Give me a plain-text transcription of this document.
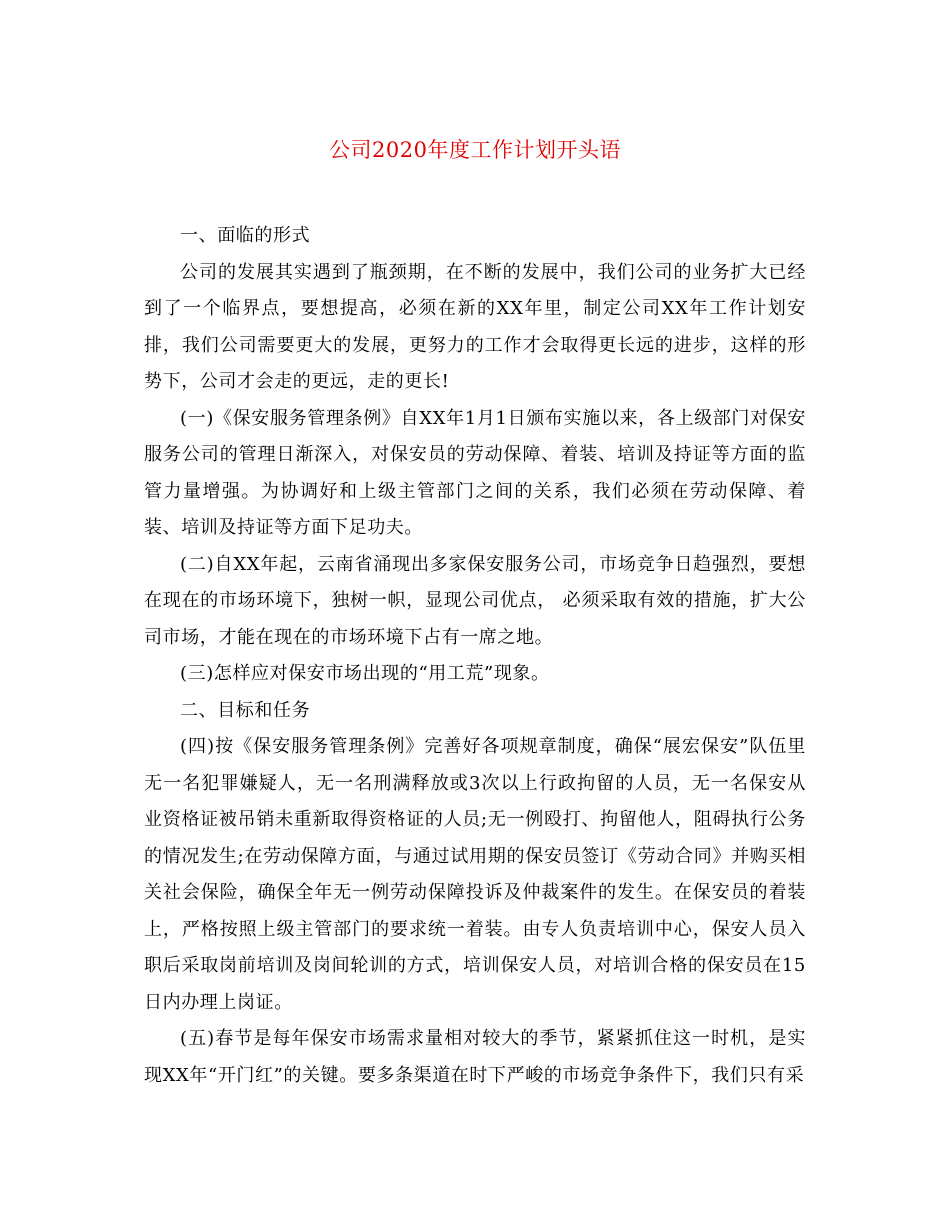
公司2020年度工作计划开头语

一、面临的形式

公司的发展其实遇到了瓶颈期，在不断的发展中，我们公司的业务扩大已经到了一个临界点，要想提高，必须在新的XX年里，制定公司XX年工作计划安排，我们公司需要更大的发展，更努力的工作才会取得更长远的进步，这样的形势下，公司才会走的更远，走的更长!

(一)《保安服务管理条例》自XX年1月1日颁布实施以来，各上级部门对保安服务公司的管理日渐深入，对保安员的劳动保障、着装、培训及持证等方面的监管力量增强。为协调好和上级主管部门之间的关系，我们必须在劳动保障、着装、培训及持证等方面下足功夫。

(二)自XX年起，云南省涌现出多家保安服务公司，市场竞争日趋强烈，要想在现在的市场环境下，独树一帜，显现公司优点， 必须采取有效的措施，扩大公司市场，才能在现在的市场环境下占有一席之地。

(三)怎样应对保安市场出现的“用工荒”现象。

二、目标和任务

(四)按《保安服务管理条例》完善好各项规章制度，确保“展宏保安”队伍里无一名犯罪嫌疑人，无一名刑满释放或3次以上行政拘留的人员，无一名保安从业资格证被吊销未重新取得资格证的人员;无一例殴打、拘留他人，阻碍执行公务的情况发生;在劳动保障方面，与通过试用期的保安员签订《劳动合同》并购买相关社会保险，确保全年无一例劳动保障投诉及仲裁案件的发生。在保安员的着装上，严格按照上级主管部门的要求统一着装。由专人负责培训中心，保安人员入职后采取岗前培训及岗间轮训的方式，培训保安人员，对培训合格的保安员在15日内办理上岗证。

(五)春节是每年保安市场需求量相对较大的季节，紧紧抓住这一时机，是实现XX年“开门红”的关键。要多条渠道在时下严峻的市场竞争条件下，我们只有采
